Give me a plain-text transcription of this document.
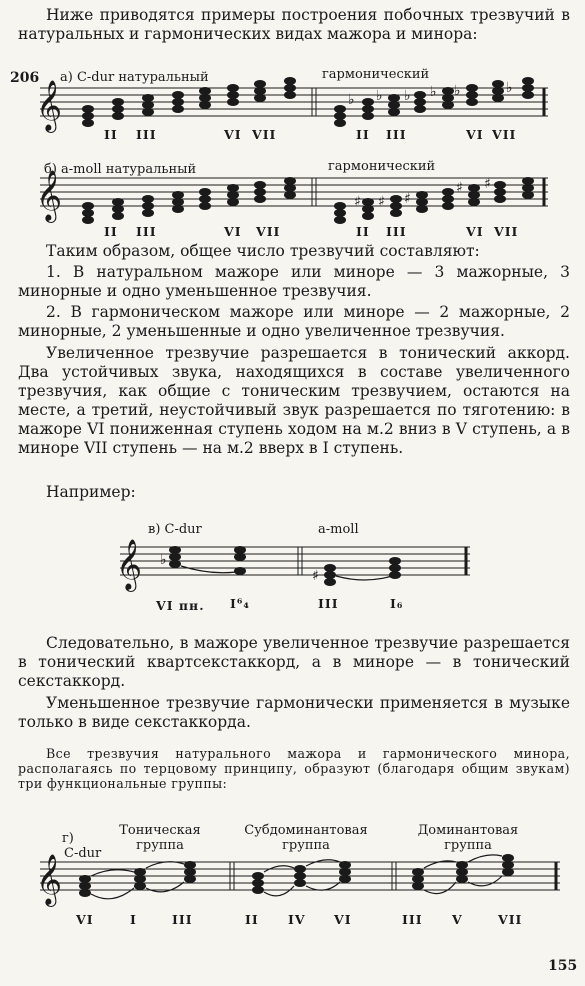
Ниже приводятся примеры построения побочных трезвучий в натуральных и гармонических видах мажора и минора:
206 а) C-dur натуральный	гармонический
𝄞
𝄞
𝄞
𝄞
♭ ♭ ♭ ♭ ♭	♭
♯ ♯ ♯
♯ ♯
♭
♯
б) a-moll натуральный	гармонический
II III	VI VII	II III	VI VII
II III	VI VII	II III	VI VII
Таким образом, общее число трезвучий составляют:
1. В натуральном мажоре или миноре — 3 мажорные, 3 минорные и одно уменьшенное трезвучия.
2. В гармоническом мажоре или миноре — 2 мажорные, 2 минорные, 2 уменьшенные и одно увеличенное трезвучия.
Увеличенное трезвучие разрешается в тонический аккорд. Два устойчивых звука, находящихся в составе увеличенного трезвучия, как общие с тоническим трезвучием, остаются на месте, а третий, неустойчивый звук разрешается по тяготению: в мажоре VI пониженная ступень ходом на м.2 вниз в V ступень, а в миноре VII ступень — на м.2 вверх в I ступень.
Например:
в) C-dur	a-moll
VI пн. I⁶₄	III	I₆
Следовательно, в мажоре увеличенное трезвучие разрешается в тонический квартсекстаккорд, а в миноре — в тонический секстаккорд.
Уменьшенное трезвучие гармонически применяется в музыке только в виде секстаккорда.
Все трезвучия натурального мажора и гармонического минора, располагаясь по терцовому принципу, образуют (благодаря общим звукам) три функциональные группы:
г)
C-dur
Тоническая группа
Субдоминантовая группа
Доминантовая группа
VI	I	III	II IV VI	III V	VII
155
